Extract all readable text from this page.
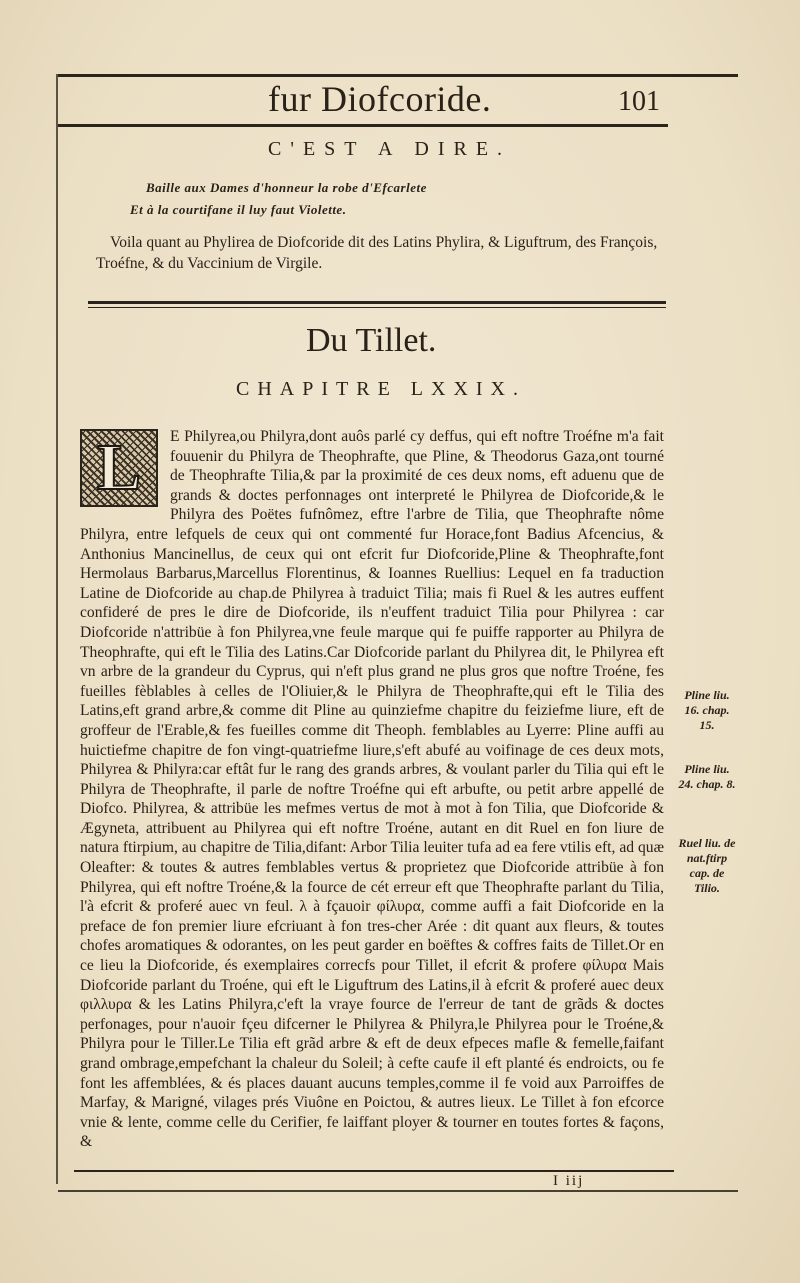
fur Diofcoride.	101
C'EST A DIRE.
Baille aux Dames d'honneur la robe d'Efcarlete
Et à la courtifane il luy faut Violette.

Voila quant au Phylirea de Diofcoride dit des Latins Phylira, & Liguftrum, des François, Troéfne, & du Vaccinium de Virgile.

Du Tillet.
CHAPITRE LXXIX.

L	E Philyrea,ou Philyra,dont auôs parlé cy deffus, qui eft noftre Troéfne m'a fait fouuenir du Philyra de Theophrafte, que Pline, & Theodorus Gaza,ont tourné de Theophrafte Tilia,& par la proximité de ces deux noms, eft aduenu que de grands & doctes perfonnages ont interpreté le Philyrea de Diofcoride,& le Philyra des Poëtes fufnômez, eftre l'arbre de Tilia, que Theophrafte nôme Philyra, entre lefquels de ceux qui ont commenté fur Horace,font Badius Afcencius, & Anthonius Mancinellus, de ceux qui ont efcrit fur Diofcoride,Pline & Theophrafte,font Hermolaus Barbarus,Marcellus Florentinus, & Ioannes Ruellius: Lequel en fa traduction Latine de Diofcoride au chap.de Philyrea à traduict Tilia; mais fi Ruel & les autres euffent confideré de pres le dire de Diofcoride, ils n'euffent traduict Tilia pour Philyrea : car Diofcoride n'attribüe à fon Philyrea,vne feule marque qui fe puiffe rapporter au Philyra de Theophrafte, qui eft le Tilia des Latins.Car Diofcoride parlant du Philyrea dit, le Philyrea eft vn arbre de la grandeur du Cyprus, qui n'eft plus grand ne plus gros que noftre Troéne, fes fueilles fèblables à celles de l'Oliuier,& le Philyra de Theophrafte,qui eft le Tilia des Latins,eft grand arbre,& comme dit Pline au quinziefme chapitre du feiziefme liure, eft de groffeur de l'Erable,& fes fueilles comme dit Theoph. femblables au Lyerre: Pline auffi au huictiefme chapitre de fon vingt-quatriefme liure,s'eft abufé au voifinage de ces deux mots, Philyrea & Philyra:car eftât fur le rang des grands arbres, & voulant parler du Tilia qui eft le Philyra de Theophrafte, il parle de noftre Troéfne qui eft arbufte, ou petit arbre appellé de Diofco. Philyrea, & attribüe les mefmes vertus de mot à mot à fon Tilia, que Diofcoride & Ægyneta, attribuent au Philyrea qui eft noftre Troéne, autant en dit Ruel en fon liure de natura ftirpium, au chapitre de Tilia,difant: Arbor Tilia leuiter tufa ad ea fere vtilis eft, ad quæ Oleafter: & toutes & autres femblables vertus & proprietez que Diofcoride attribüe à fon Philyrea, qui eft noftre Troéne,& la fource de cét erreur eft que Theophrafte parlant du Tilia, l'à efcrit & proferé auec vn feul. λ à fçauoir φίλυρα, comme auffi a fait Diofcoride en la preface de fon premier liure efcriuant à fon tres-cher Arée : dit quant aux fleurs, & toutes chofes aromatiques & odorantes, on les peut garder en boëftes & coffres faits de Tillet.Or en ce lieu la Diofcoride, és exemplaires correcfs pour Tillet, il efcrit & profere φίλυρα Mais Diofcoride parlant du Troéne, qui eft le Liguftrum des Latins,il à efcrit & proferé auec deux φιλλυρα & les Latins Philyra,c'eft la vraye fource de l'erreur de tant de grãds & doctes perfonages, pour n'auoir fçeu difcerner le Philyrea & Philyra,le Philyrea pour le Troéne,& Philyra pour le Tiller.Le Tilia eft grãd arbre & eft de deux efpeces mafle & femelle,faifant grand ombrage,empefchant la chaleur du Soleil; à cefte caufe il eft planté és endroicts, ou fe font les affemblées, & és places dauant aucuns temples,comme il fe void aux Parroiffes de Marfay, & Marigné, vilages prés Viuône en Poictou, & autres lieux. Le Tillet à fon efcorce vnie & lente, comme celle du Cerifier, fe laiffant ployer & tourner en toutes fortes & façons, &

Pline liu. 16. chap. 15.
Pline liu. 24. chap. 8.
Ruel liu. de nat.ftirp cap. de Tilio.
I iij
